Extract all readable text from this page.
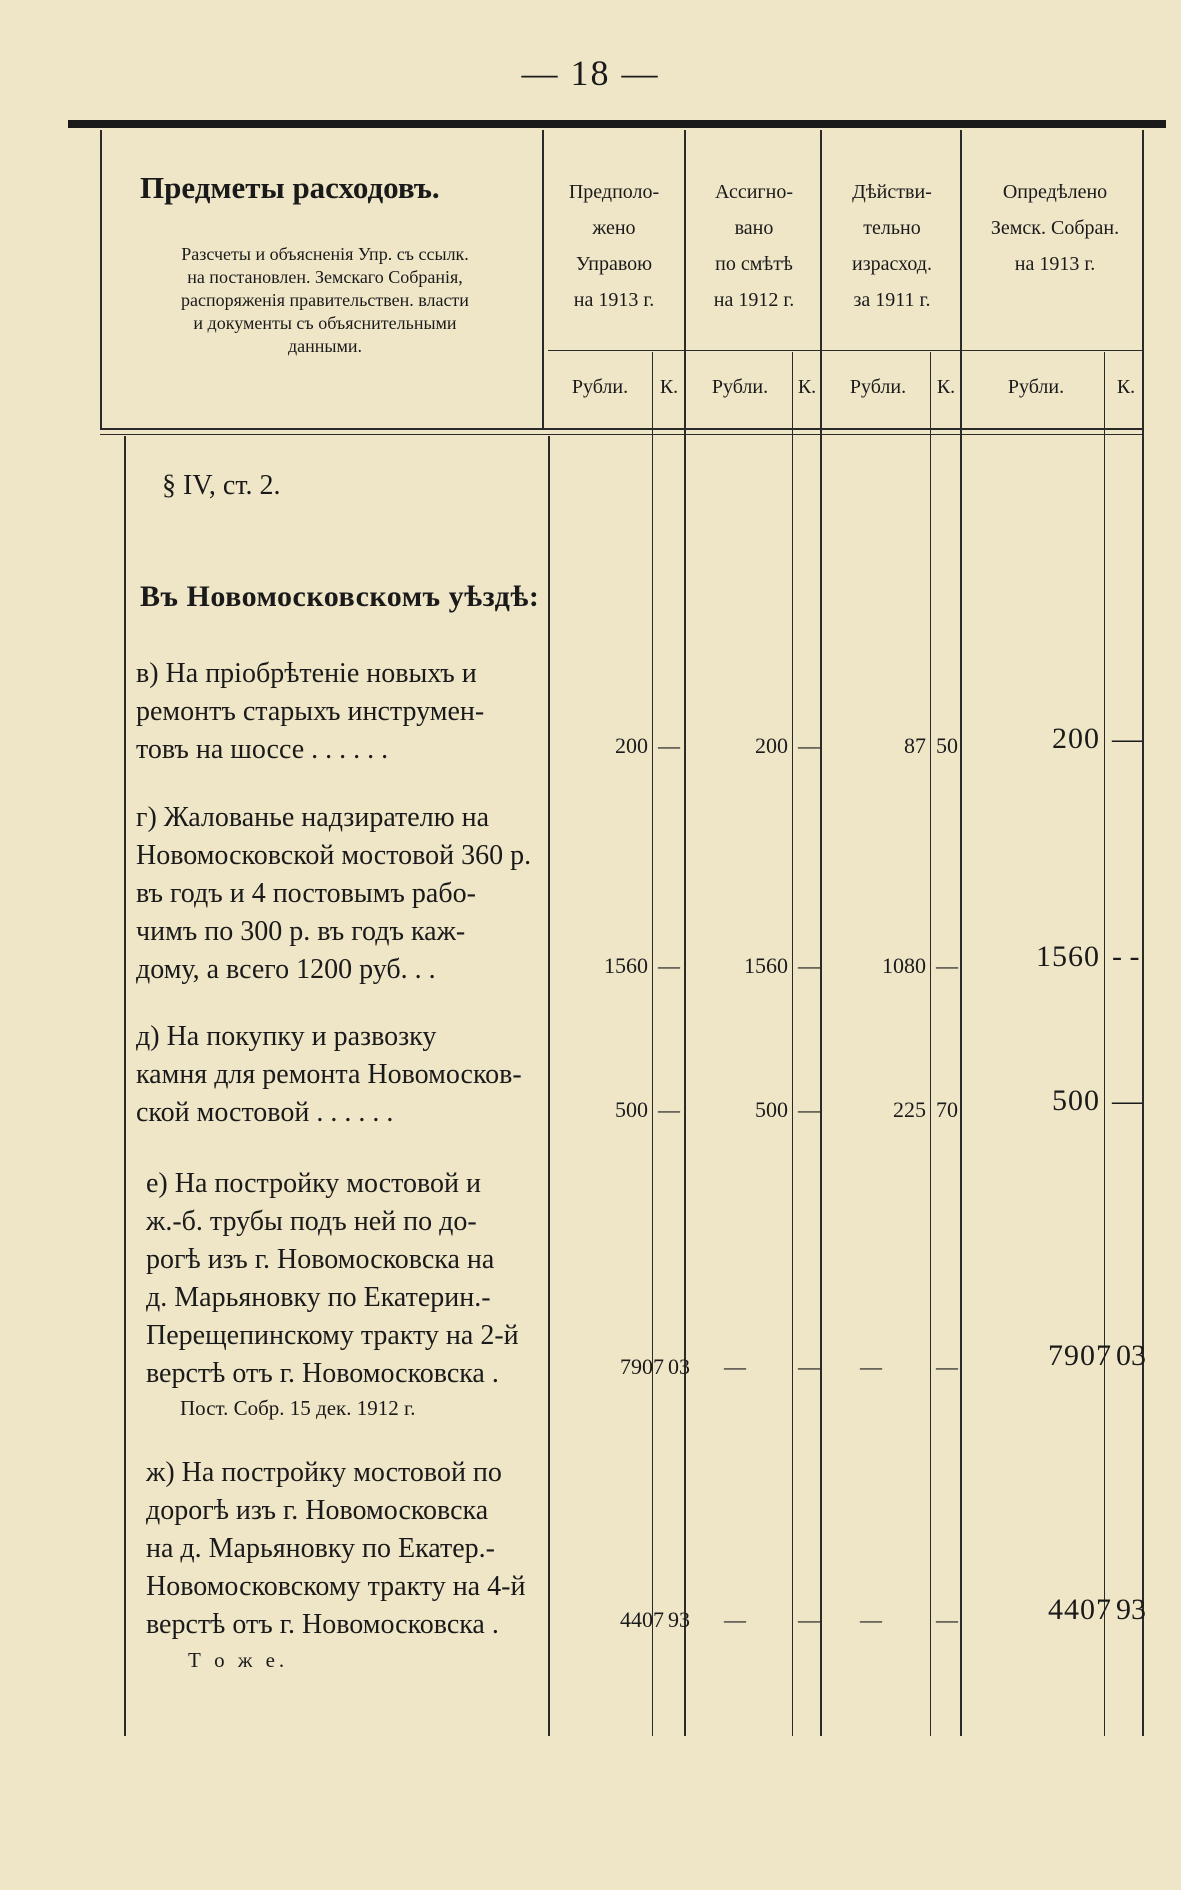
— 18 —
Предметы расходовъ.
Разсчеты и объясненія Упр. съ ссылк. на постановлен. Земскаго Собранія, распоряженія правительствен. власти и документы съ объяснительными данными.
Предполо-
жено
Управою
на 1913 г.
Ассигно-
вано
по смѣтѣ
на 1912 г.
Дѣйстви-
тельно
израсход.
за 1911 г.
Опредѣлено
Земск. Собран.
на 1913 г.
Рубли.	К.	Рубли.	К.	Рубли.	К.	Рубли.	К.
§ IV, ст. 2.
Въ Новомосковскомъ уѣздѣ:
в) На пріобрѣтеніе новыхъ и
ремонтъ старыхъ инструмен-
товъ на шоссе . . . . . .	200 —	200 —	87 50	200 —
г) Жалованье надзирателю на
Новомосковской мостовой 360 р.
въ годъ и 4 постовымъ рабо-
чимъ по 300 р. въ годъ каж-
дому, а всего 1200 руб. . .	1560 —	1560 —	1080 —	1560 - -
д) На покупку и развозку
камня для ремонта Новомосков-
ской мостовой . . . . . .	500 —	500 —	225 70	500 —
е) На постройку мостовой и
ж.-б. трубы подъ ней по до-
рогѣ изъ г. Новомосковска на
д. Марьяновку по Екатерин.-
Перещепинскому тракту на 2-й
верстѣ отъ г. Новомосковска .
Пост. Собр. 15 дек. 1912 г.
7907 03	—	—	—	—	7907 03
ж) На постройку мостовой по
дорогѣ изъ г. Новомосковска
на д. Марьяновку по Екатер.-
Новомосковскому тракту на 4-й
верстѣ отъ г. Новомосковска .
Т о ж е.
4407 93	—	—	—	—	4407 93
